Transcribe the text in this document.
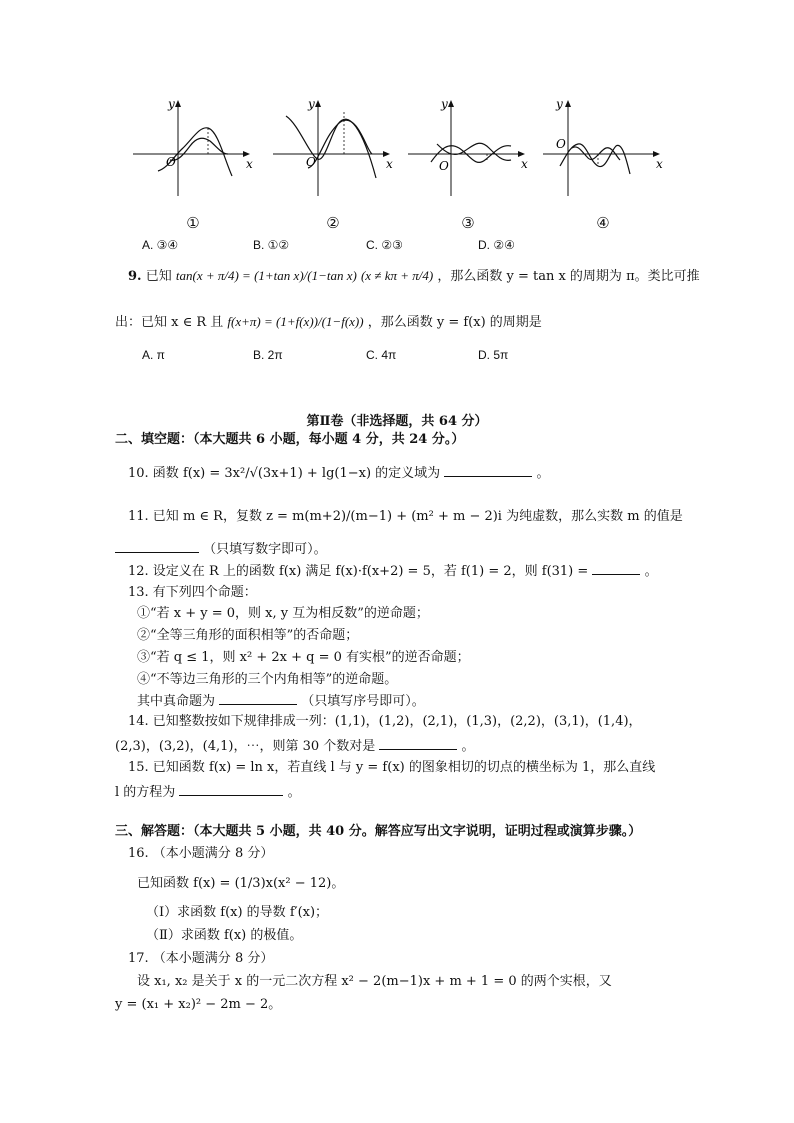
x
y
O
①
x
y
O
②
x
y
O
③
x
y
O
④
A. ③④	B. ①②	C. ②③	D. ②④
9. 已知 tan(x + π/4) = (1+tan x)/(1−tan x) (x ≠ kπ + π/4) ，那么函数 y = tan x 的周期为 π。类比可推
出：已知 x ∈ R 且 f(x+π) = (1+f(x))/(1−f(x)) ，那么函数 y = f(x) 的周期是
A. π	B. 2π	C. 4π	D. 5π
第Ⅱ卷（非选择题，共 64 分）
二、填空题：（本大题共 6 小题，每小题 4 分，共 24 分。）
10. 函数 f(x) = 3x²/√(3x+1) + lg(1−x) 的定义域为	。
11. 已知 m ∈ R，复数 z = m(m+2)/(m−1) + (m² + m − 2)i 为纯虚数，那么实数 m 的值是
（只填写数字即可）。
12. 设定义在 R 上的函数 f(x) 满足 f(x)·f(x+2) = 5，若 f(1) = 2，则 f(31) =	。
13. 有下列四个命题：
①“若 x + y = 0，则 x, y 互为相反数”的逆命题；
②“全等三角形的面积相等”的否命题；
③“若 q ≤ 1，则 x² + 2x + q = 0 有实根”的逆否命题；
④“不等边三角形的三个内角相等”的逆命题。
其中真命题为	（只填写序号即可）。
14. 已知整数按如下规律排成一列：(1,1)，(1,2)，(2,1)，(1,3)，(2,2)，(3,1)，(1,4)，
(2,3)，(3,2)，(4,1)，⋯，则第 30 个数对是	。
15. 已知函数 f(x) = ln x，若直线 l 与 y = f(x) 的图象相切的切点的横坐标为 1，那么直线
l 的方程为	。
三、解答题：（本大题共 5 小题，共 40 分。解答应写出文字说明，证明过程或演算步骤。）
16. （本小题满分 8 分）
已知函数 f(x) = (1/3)x(x² − 12)。
（Ⅰ）求函数 f(x) 的导数 f′(x)；
（Ⅱ）求函数 f(x) 的极值。
17. （本小题满分 8 分）
设 x₁, x₂ 是关于 x 的一元二次方程 x² − 2(m−1)x + m + 1 = 0 的两个实根，又
y = (x₁ + x₂)² − 2m − 2。
